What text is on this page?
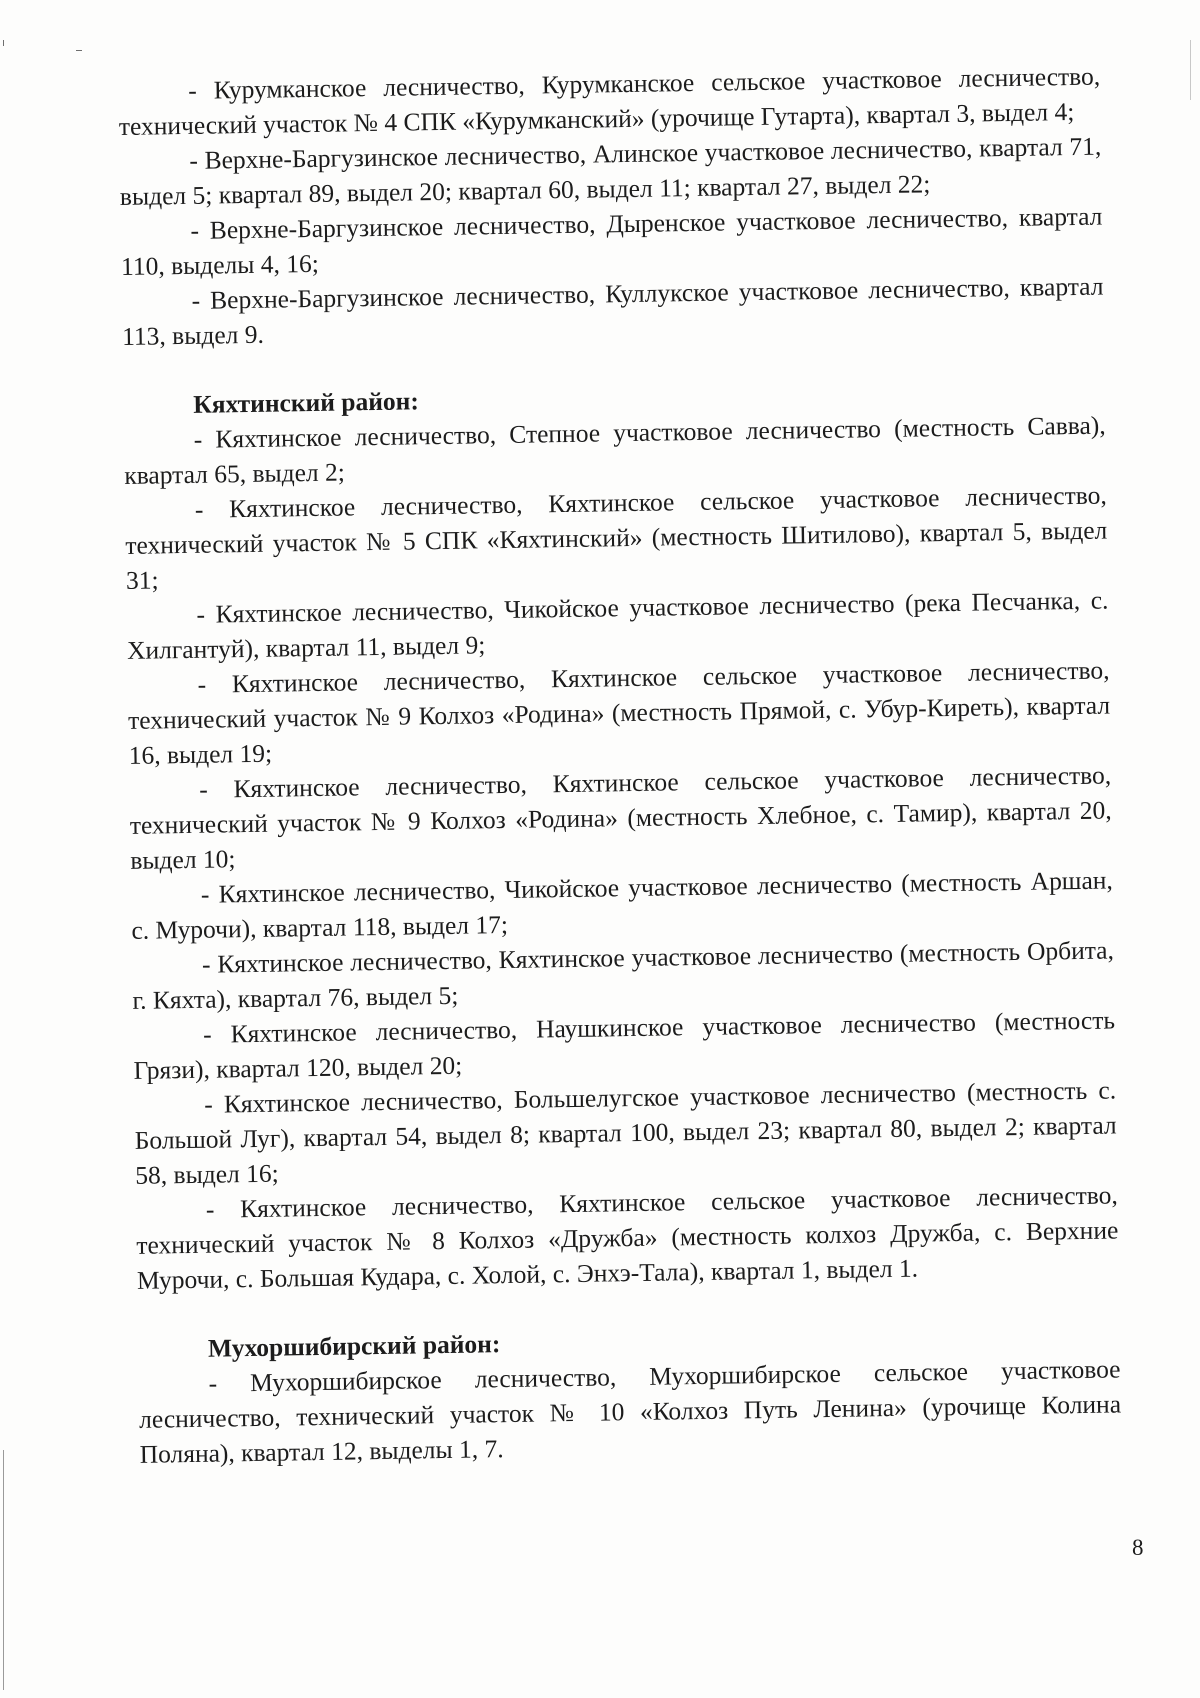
- Курумканское лесничество, Курумканское сельское участковое лесничество, технический участок № 4 СПК «Курумканский» (урочище Гутарта), квартал 3, выдел 4;

- Верхне-Баргузинское лесничество, Алинское участковое лесничество, квартал 71, выдел 5; квартал 89, выдел 20; квартал 60, выдел 11; квартал 27, выдел 22;

- Верхне-Баргузинское лесничество, Дыренское участковое лесничество, квартал 110, выделы 4, 16;

- Верхне-Баргузинское лесничество, Куллукское участковое лесничество, квартал 113, выдел 9.

Кяхтинский район:

- Кяхтинское лесничество, Степное участковое лесничество (местность Савва), квартал 65, выдел 2;

- Кяхтинское лесничество, Кяхтинское сельское участковое лесничество, технический участок № 5 СПК «Кяхтинский» (местность Шитилово), квартал 5, выдел 31;

- Кяхтинское лесничество, Чикойское участковое лесничество (река Песчанка, с. Хилгантуй), квартал 11, выдел 9;

- Кяхтинское лесничество, Кяхтинское сельское участковое лесничество, технический участок № 9 Колхоз «Родина» (местность Прямой, с. Убур-Киреть), квартал 16, выдел 19;

- Кяхтинское лесничество, Кяхтинское сельское участковое лесничество, технический участок № 9 Колхоз «Родина» (местность Хлебное, с. Тамир), квартал 20, выдел 10;

- Кяхтинское лесничество, Чикойское участковое лесничество (местность Аршан, с. Мурочи), квартал 118, выдел 17;

- Кяхтинское лесничество, Кяхтинское участковое лесничество (местность Орбита, г. Кяхта), квартал 76, выдел 5;

- Кяхтинское лесничество, Наушкинское участковое лесничество (местность Грязи), квартал 120, выдел 20;

- Кяхтинское лесничество, Большелугское участковое лесничество (местность с. Большой Луг), квартал 54, выдел 8; квартал 100, выдел 23; квартал 80, выдел 2; квартал 58, выдел 16;

- Кяхтинское лесничество, Кяхтинское сельское участковое лесничество, технический участок № 8 Колхоз «Дружба» (местность колхоз Дружба, с. Верхние Мурочи, с. Большая Кудара, с. Холой, с. Энхэ-Тала), квартал 1, выдел 1.

Мухоршибирский район:

- Мухоршибирское лесничество, Мухоршибирское сельское участковое лесничество, технический участок № 10 «Колхоз Путь Ленина» (урочище Колина Поляна), квартал 12, выделы 1, 7.

8
